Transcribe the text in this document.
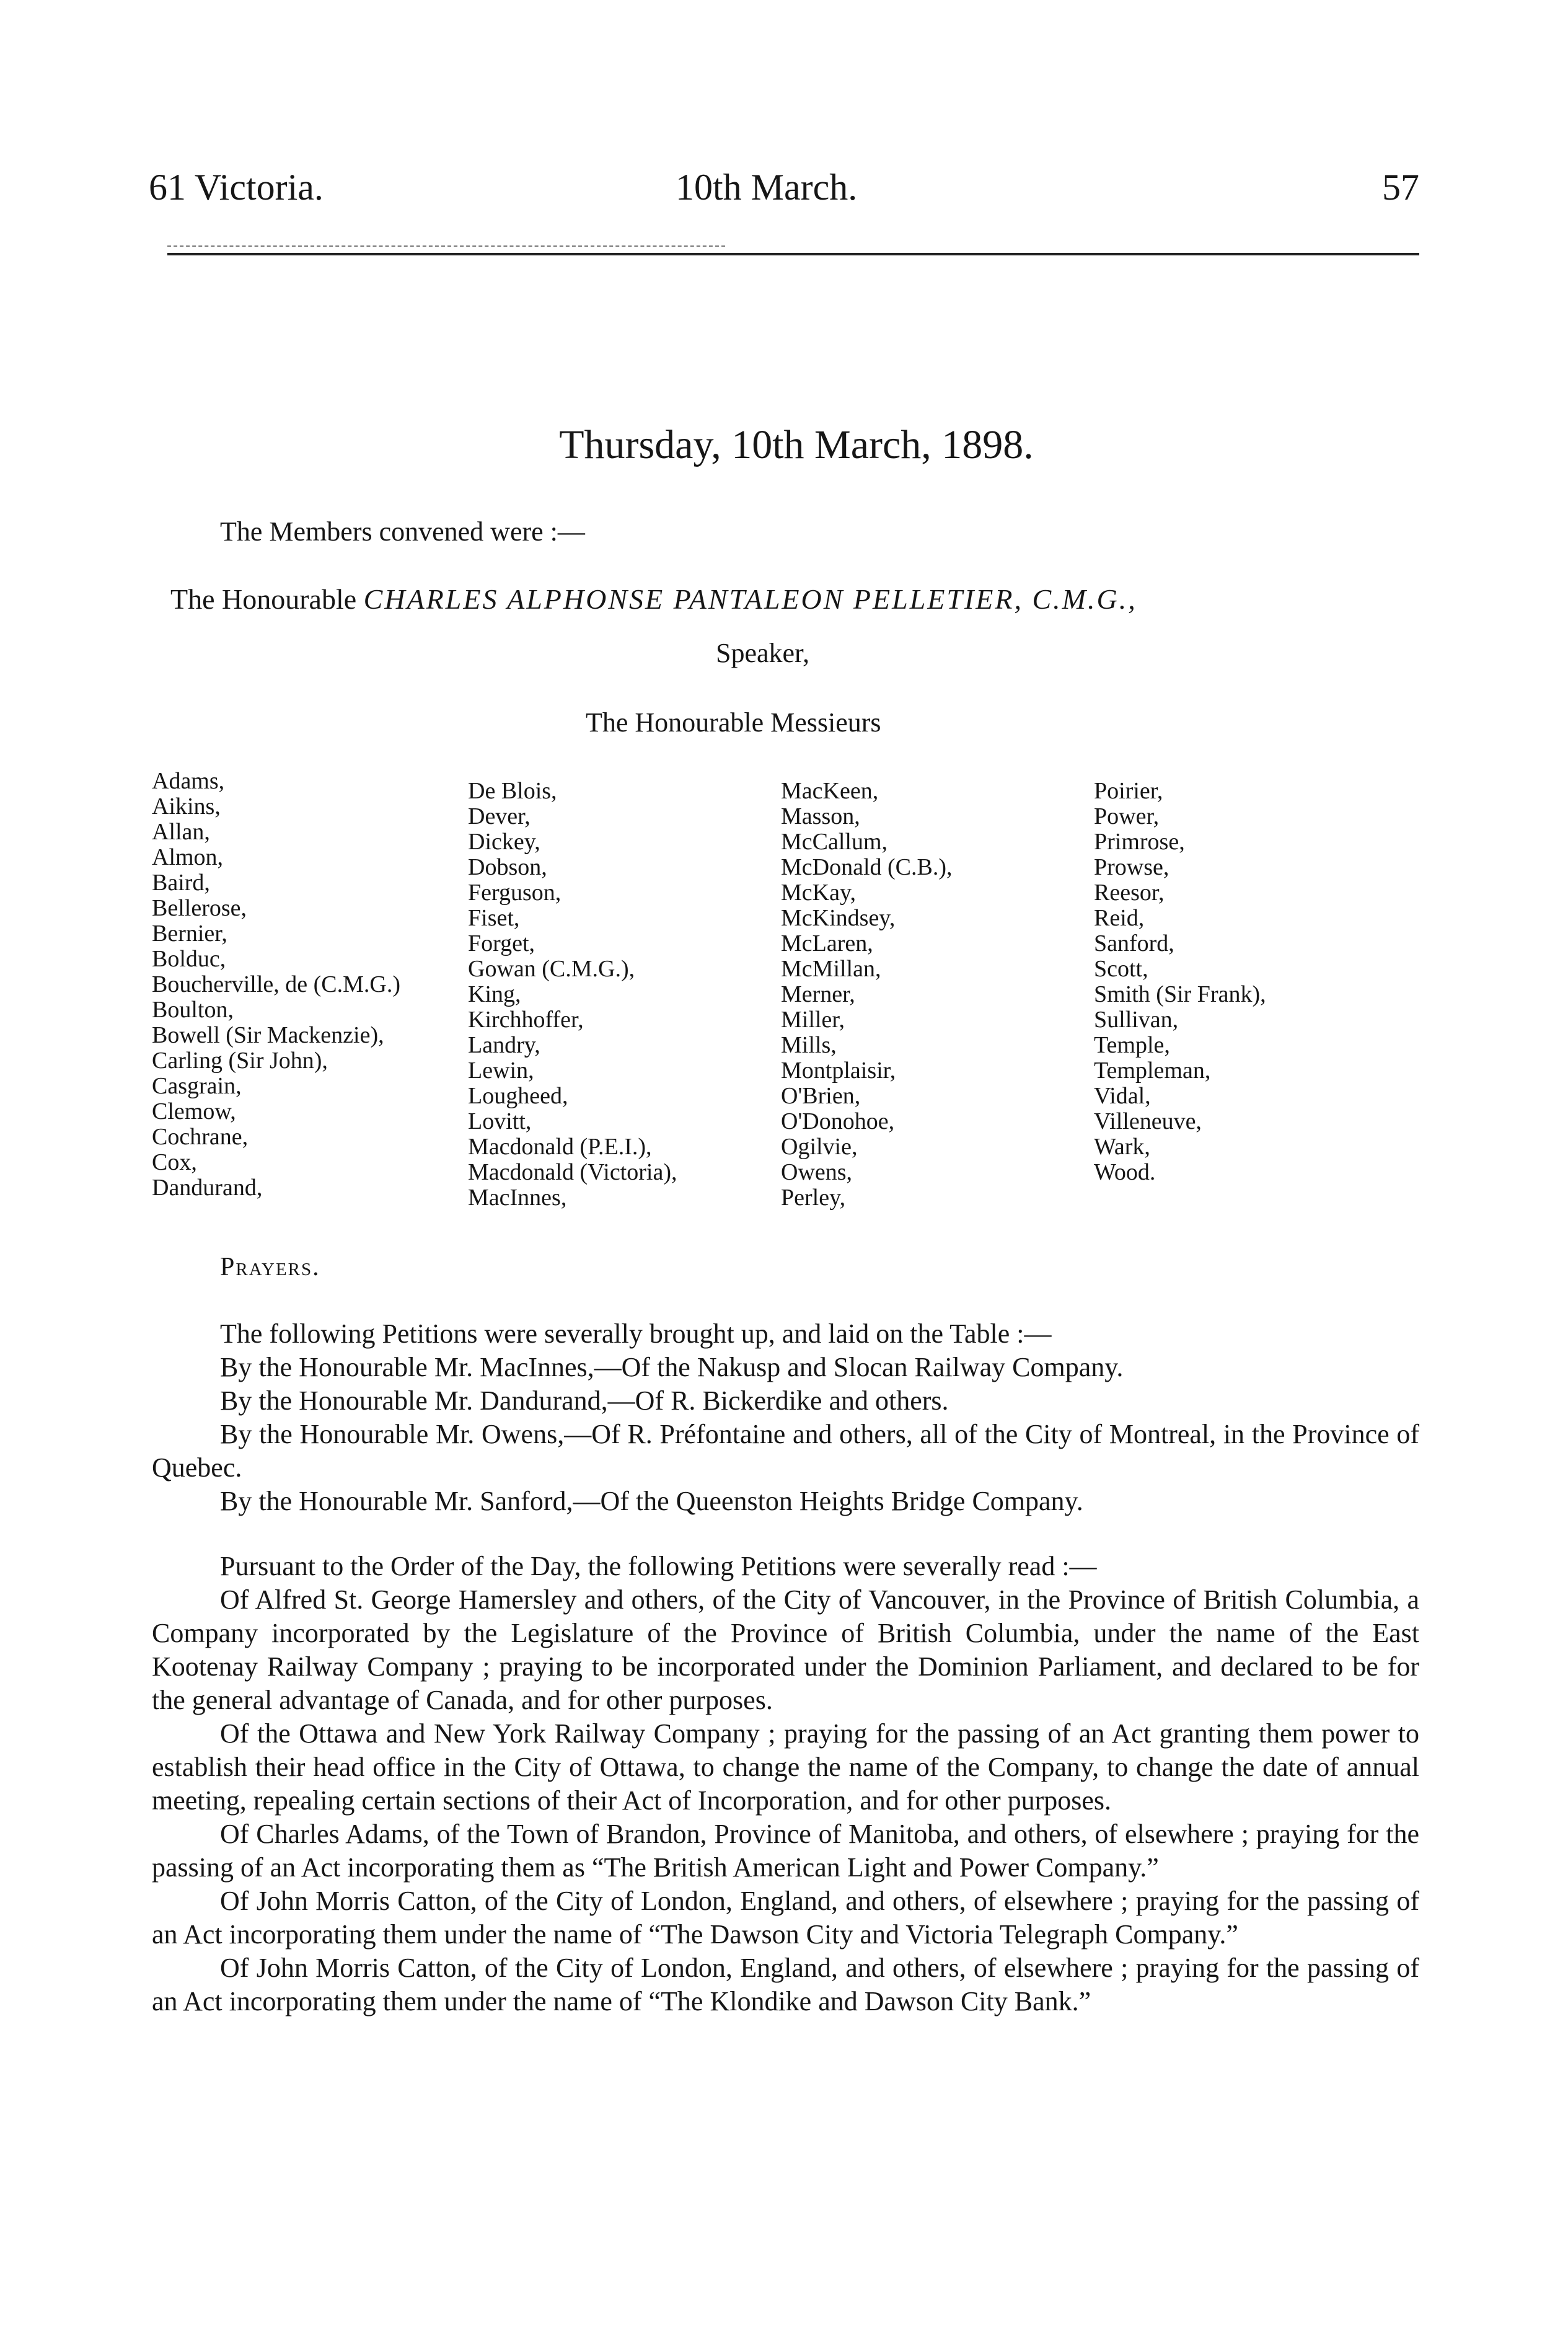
61 Victoria.	10th March.	57
Thursday, 10th March, 1898.
The Members convened were :—
The Honourable CHARLES ALPHONSE PANTALEON PELLETIER, C.M.G.,
Speaker,
The Honourable Messieurs
Adams,
Aikins,
Allan,
Almon,
Baird,
Bellerose,
Bernier,
Bolduc,
Boucherville, de (C.M.G.)
Boulton,
Bowell (Sir Mackenzie),
Carling (Sir John),
Casgrain,
Clemow,
Cochrane,
Cox,
Dandurand,
De Blois,
Dever,
Dickey,
Dobson,
Ferguson,
Fiset,
Forget,
Gowan (C.M.G.),
King,
Kirchhoffer,
Landry,
Lewin,
Lougheed,
Lovitt,
Macdonald (P.E.I.),
Macdonald (Victoria),
MacInnes,
MacKeen,
Masson,
McCallum,
McDonald (C.B.),
McKay,
McKindsey,
McLaren,
McMillan,
Merner,
Miller,
Mills,
Montplaisir,
O'Brien,
O'Donohoe,
Ogilvie,
Owens,
Perley,
Poirier,
Power,
Primrose,
Prowse,
Reesor,
Reid,
Sanford,
Scott,
Smith (Sir Frank),
Sullivan,
Temple,
Templeman,
Vidal,
Villeneuve,
Wark,
Wood.
Prayers.

The following Petitions were severally brought up, and laid on the Table :—

By the Honourable Mr. MacInnes,—Of the Nakusp and Slocan Railway Company.

By the Honourable Mr. Dandurand,—Of R. Bickerdike and others.

By the Honourable Mr. Owens,—Of R. Préfontaine and others, all of the City of Montreal, in the Province of Quebec.

By the Honourable Mr. Sanford,—Of the Queenston Heights Bridge Company.

Pursuant to the Order of the Day, the following Petitions were severally read :—

Of Alfred St. George Hamersley and others, of the City of Vancouver, in the Province of British Columbia, a Company incorporated by the Legislature of the Province of British Columbia, under the name of the East Kootenay Railway Company ; praying to be incorporated under the Dominion Parliament, and declared to be for the general advantage of Canada, and for other purposes.

Of the Ottawa and New York Railway Company ; praying for the passing of an Act granting them power to establish their head office in the City of Ottawa, to change the name of the Company, to change the date of annual meeting, repealing certain sections of their Act of Incorporation, and for other purposes.

Of Charles Adams, of the Town of Brandon, Province of Manitoba, and others, of elsewhere ; praying for the passing of an Act incorporating them as “The British American Light and Power Company.”

Of John Morris Catton, of the City of London, England, and others, of elsewhere ; praying for the passing of an Act incorporating them under the name of “The Dawson City and Victoria Telegraph Company.”

Of John Morris Catton, of the City of London, England, and others, of elsewhere ; praying for the passing of an Act incorporating them under the name of “The Klondike and Dawson City Bank.”
